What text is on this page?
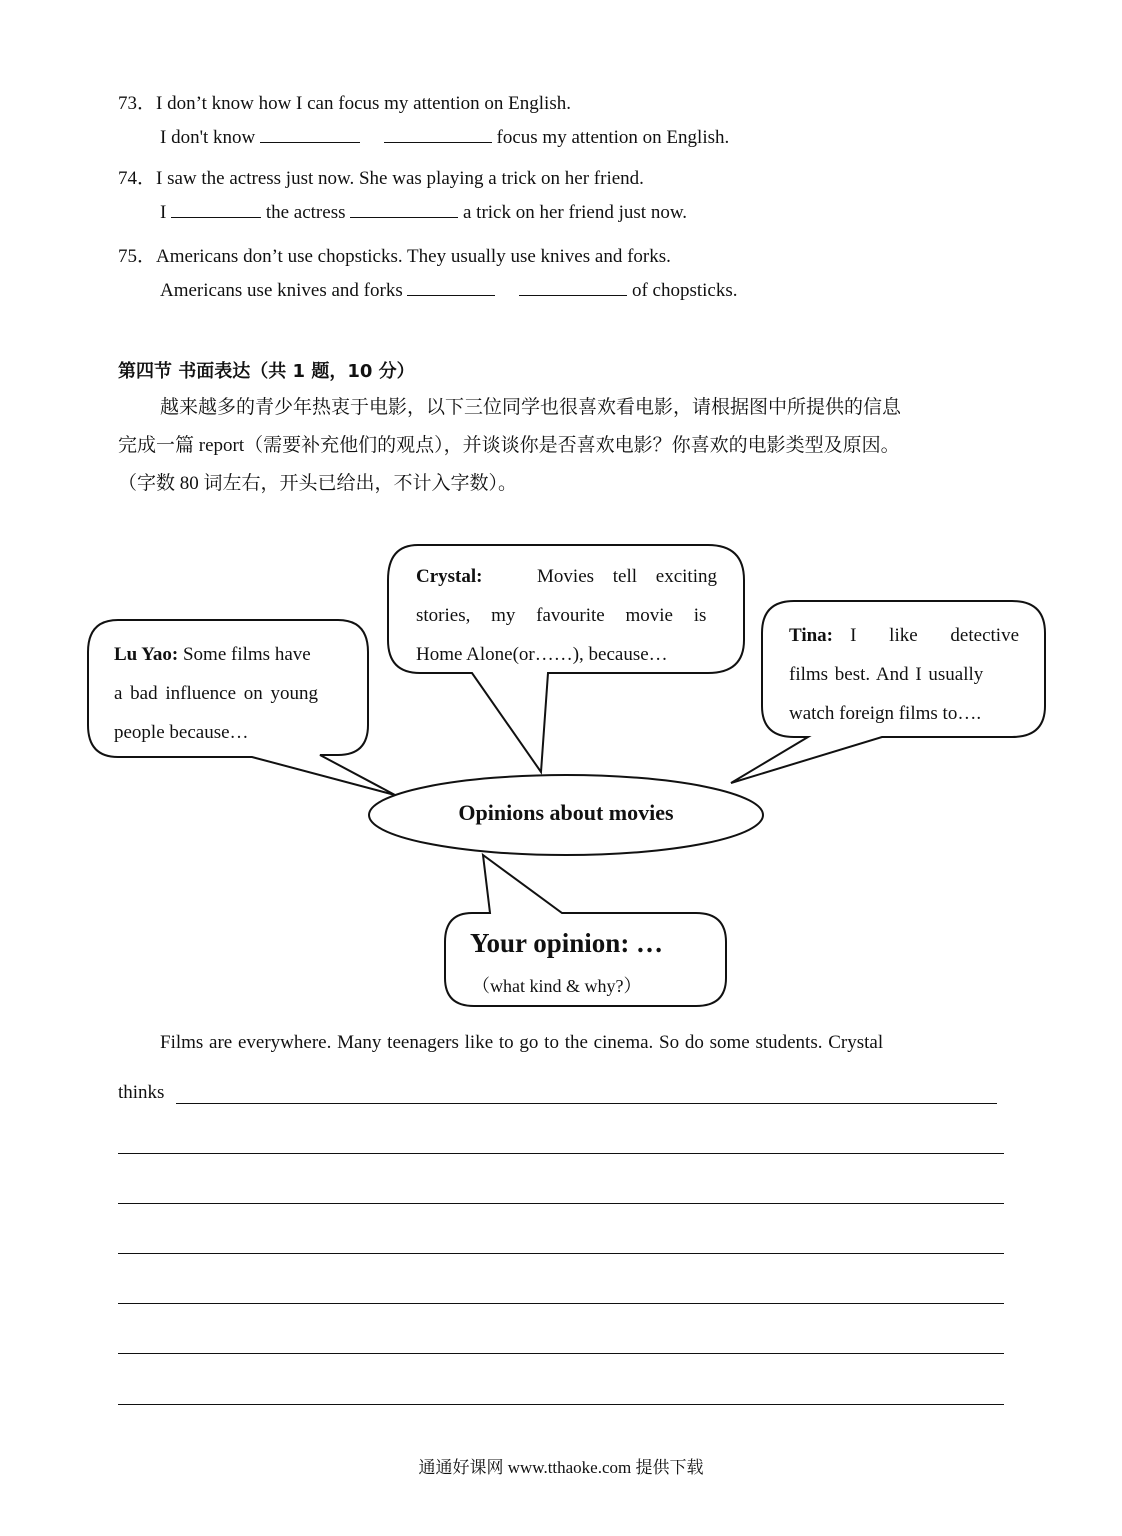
73．I don’t know how I can focus my attention on English.
I don't know	focus my attention on English.
74．I saw the actress just now. She was playing a trick on her friend.
I	the actress	a trick on her friend just now.
75．Americans don’t use chopsticks. They usually use knives and forks.
Americans use knives and forks	of chopsticks.
第四节 书面表达（共 1 题，10 分）
越来越多的青少年热衷于电影，以下三位同学也很喜欢看电影，请根据图中所提供的信息
完成一篇 report（需要补充他们的观点），并谈谈你是否喜欢电影？你喜欢的电影类型及原因。
（字数 80 词左右，开头已给出，不计入字数）。
Crystal:	Movies tell exciting
stories, my favourite movie is
Home Alone(or……), because…
Lu Yao: Some films have
a bad influence on young
people because…
Tina: I like detective
films best. And I usually
watch foreign films to….
Opinions about movies
Your opinion: …
（what kind & why?）
Films are everywhere. Many teenagers like to go to the cinema. So do some students. Crystal
thinks
通通好课网 www.tthaoke.com 提供下载
